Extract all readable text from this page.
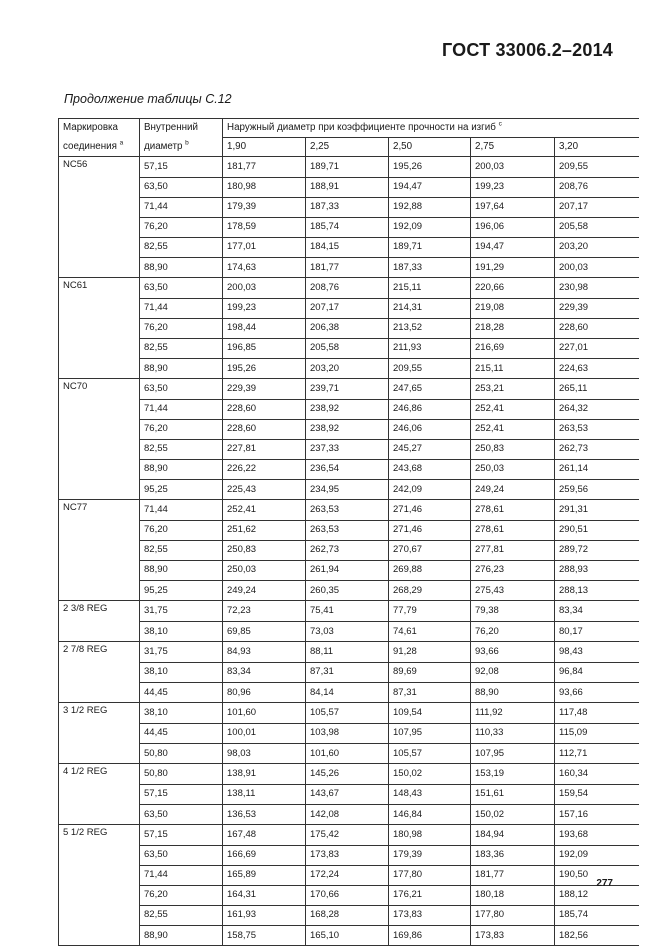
ГОСТ 33006.2–2014
Продолжение таблицы С.12
Маркировка	Внутренний	Наружный диаметр при коэффициенте прочности на изгиб $^c$
соединения $^a$	диаметр $^b$	1,90	2,25	2,50	2,75	3,20
NC56	57,15	181,77	189,71	195,26	200,03	209,55
	63,50	180,98	188,91	194,47	199,23	208,76
	71,44	179,39	187,33	192,88	197,64	207,17
	76,20	178,59	185,74	192,09	196,06	205,58
	82,55	177,01	184,15	189,71	194,47	203,20
	88,90	174,63	181,77	187,33	191,29	200,03
NC61	63,50	200,03	208,76	215,11	220,66	230,98
	71,44	199,23	207,17	214,31	219,08	229,39
	76,20	198,44	206,38	213,52	218,28	228,60
	82,55	196,85	205,58	211,93	216,69	227,01
	88,90	195,26	203,20	209,55	215,11	224,63
NC70	63,50	229,39	239,71	247,65	253,21	265,11
	71,44	228,60	238,92	246,86	252,41	264,32
	76,20	228,60	238,92	246,06	252,41	263,53
	82,55	227,81	237,33	245,27	250,83	262,73
	88,90	226,22	236,54	243,68	250,03	261,14
	95,25	225,43	234,95	242,09	249,24	259,56
NC77	71,44	252,41	263,53	271,46	278,61	291,31
	76,20	251,62	263,53	271,46	278,61	290,51
	82,55	250,83	262,73	270,67	277,81	289,72
	88,90	250,03	261,94	269,88	276,23	288,93
	95,25	249,24	260,35	268,29	275,43	288,13
2 3/8 REG	31,75	72,23	75,41	77,79	79,38	83,34
	38,10	69,85	73,03	74,61	76,20	80,17
2 7/8 REG	31,75	84,93	88,11	91,28	93,66	98,43
	38,10	83,34	87,31	89,69	92,08	96,84
	44,45	80,96	84,14	87,31	88,90	93,66
3 1/2 REG	38,10	101,60	105,57	109,54	111,92	117,48
	44,45	100,01	103,98	107,95	110,33	115,09
	50,80	98,03	101,60	105,57	107,95	112,71
4 1/2 REG	50,80	138,91	145,26	150,02	153,19	160,34
	57,15	138,11	143,67	148,43	151,61	159,54
	63,50	136,53	142,08	146,84	150,02	157,16
5 1/2 REG	57,15	167,48	175,42	180,98	184,94	193,68
	63,50	166,69	173,83	179,39	183,36	192,09
	71,44	165,89	172,24	177,80	181,77	190,50
	76,20	164,31	170,66	176,21	180,18	188,12
	82,55	161,93	168,28	173,83	177,80	185,74
	88,90	158,75	165,10	169,86	173,83	182,56
277
